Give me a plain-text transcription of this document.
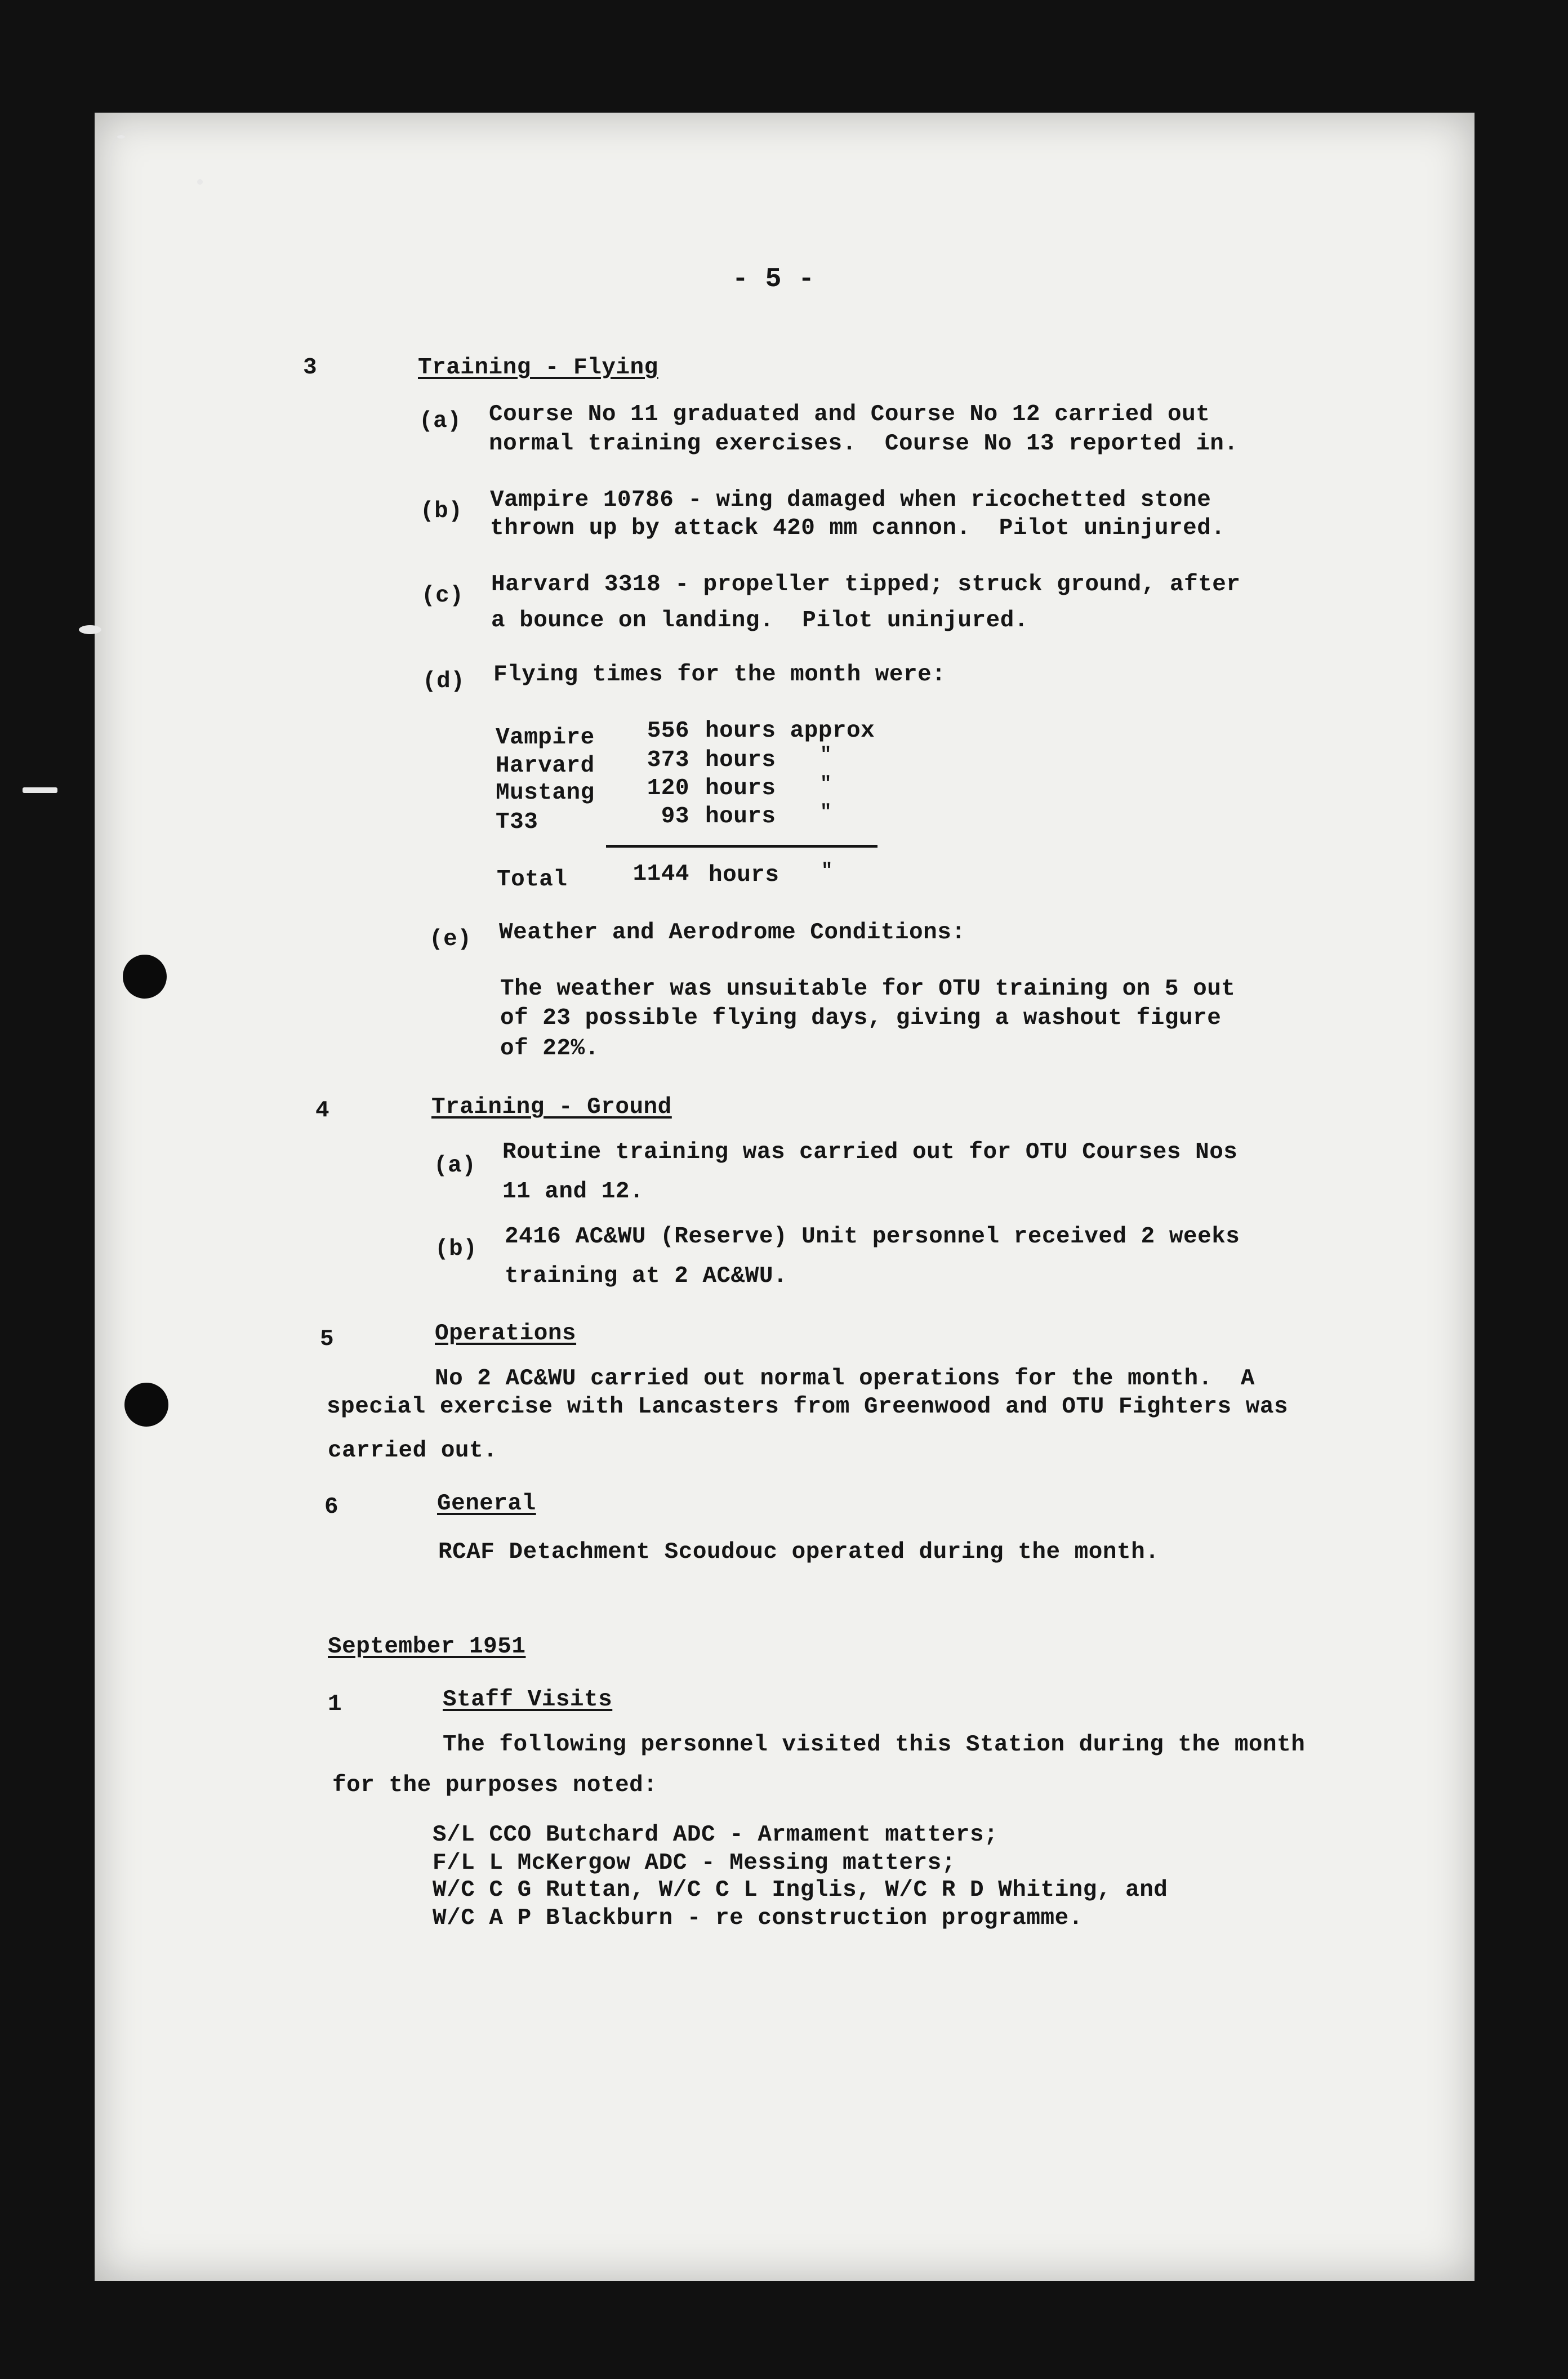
- 5 -
3	Training - Flying
(a) Course No 11 graduated and Course No 12 carried out
normal training exercises.  Course No 13 reported in.
(b) Vampire 10786 - wing damaged when ricochetted stone
thrown up by attack 420 mm cannon.  Pilot uninjured.
(c) Harvard 3318 - propeller tipped; struck ground, after
a bounce on landing.  Pilot uninjured.
(d) Flying times for the month were:
Vampire	556 hours approx
Harvard	373 hours "
Mustang	120 hours "
T33	93 hours "
Total	1144 hours "
(e) Weather and Aerodrome Conditions:
The weather was unsuitable for OTU training on 5 out
of 23 possible flying days, giving a washout figure
of 22%.
4	Training - Ground
(a)
Routine training was carried out for OTU Courses Nos
11 and 12.
(b) 2416 AC&WU (Reserve) Unit personnel received 2 weeks
training at 2 AC&WU.
5	Operations
No 2 AC&WU carried out normal operations for the month.  A
special exercise with Lancasters from Greenwood and OTU Fighters was
carried out.
6	General
RCAF Detachment Scoudouc operated during the month.
September 1951
1	Staff Visits
The following personnel visited this Station during the month
for the purposes noted:
S/L CCO Butchard ADC - Armament matters;
F/L L McKergow ADC - Messing matters;
W/C C G Ruttan, W/C C L Inglis, W/C R D Whiting, and
W/C A P Blackburn - re construction programme.
